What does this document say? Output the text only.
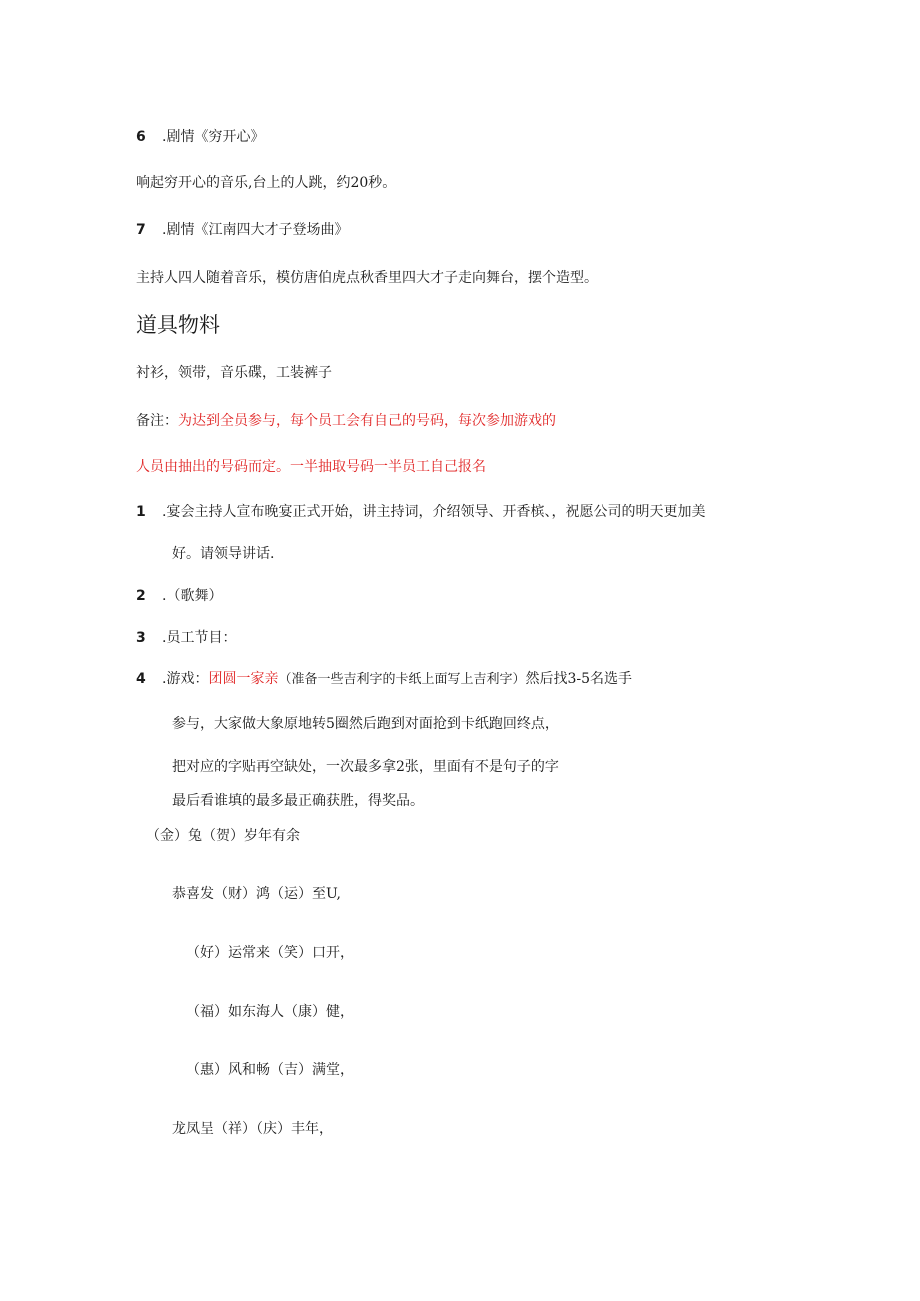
6 .剧情《穷开心》
响起穷开心的音乐,台上的人跳，约20秒。
7 .剧情《江南四大才子登场曲》
主持人四人随着音乐，模仿唐伯虎点秋香里四大才子走向舞台，摆个造型。
道具物料
衬衫，领带，音乐碟，工装裤子
备注：为达到全员参与，每个员工会有自己的号码，每次参加游戏的
人员由抽出的号码而定。一半抽取号码一半员工自己报名
1 .宴会主持人宣布晚宴正式开始，讲主持词，介绍领导、开香槟、，祝愿公司的明天更加美
好。请领导讲话.
2 .（歌舞）
3 .员工节目：
4 .游戏：团圆一家亲（准备一些吉利字的卡纸上面写上吉利字）然后找3-5名选手
参与，大家做大象原地转5圈然后跑到对面抢到卡纸跑回终点，
把对应的字贴再空缺处，一次最多拿2张，里面有不是句子的字
最后看谁填的最多最正确获胜，得奖品。
（金）兔（贺）岁年有余
恭喜发（财）鸿（运）至U,
（好）运常来（笑）口开，
（福）如东海人（康）健，
（惠）风和畅（吉）满堂，
龙凤呈（祥）（庆）丰年，
